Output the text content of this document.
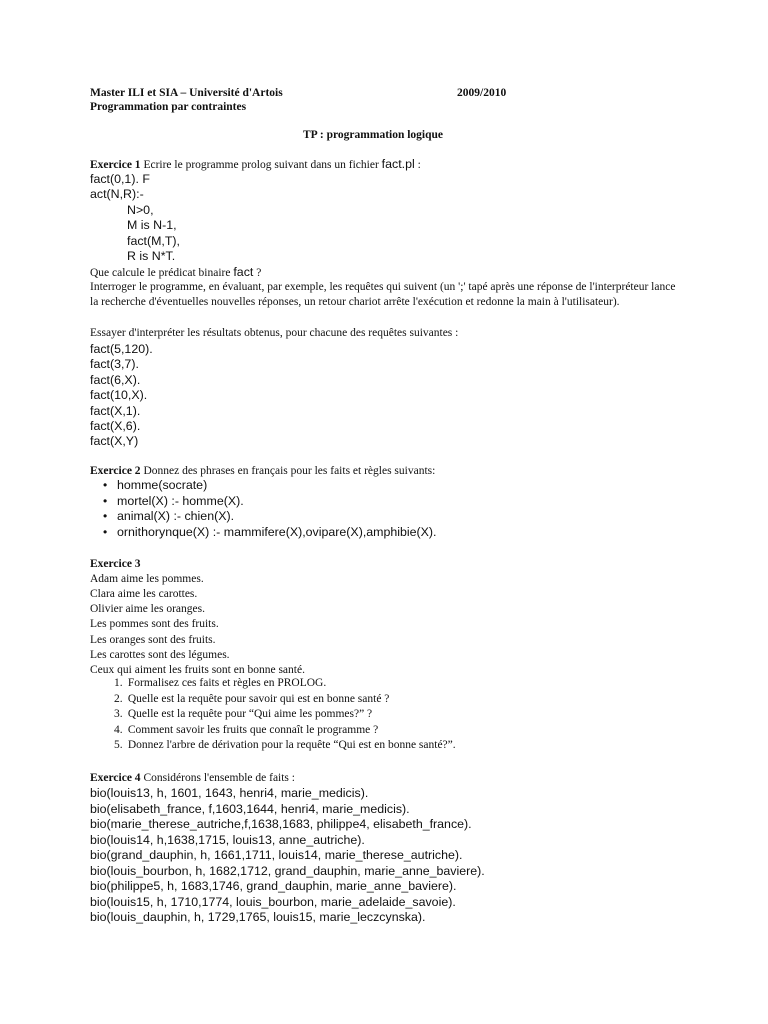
Master ILI et SIA – Université d'Artois	2009/2010
Programmation par contraintes
TP : programmation logique
Exercice 1 Ecrire le programme prolog suivant dans un fichier fact.pl :
fact(0,1). F
act(N,R):-
N>0,
M is N-1,
fact(M,T),
R is N*T.
Que calcule le prédicat binaire fact ?
Interroger le programme, en évaluant, par exemple, les requêtes qui suivent (un ';' tapé après une réponse de l'interpréteur lance la recherche d'éventuelles nouvelles réponses, un retour chariot arrête l'exécution et redonne la main à l'utilisateur).
Essayer d'interpréter les résultats obtenus, pour chacune des requêtes suivantes :
fact(5,120).
fact(3,7).
fact(6,X).
fact(10,X).
fact(X,1).
fact(X,6).
fact(X,Y)
Exercice 2 Donnez des phrases en français pour les faits et règles suivants:
• homme(socrate)
• mortel(X) :- homme(X).
• animal(X) :- chien(X).
• ornithorynque(X) :- mammifere(X),ovipare(X),amphibie(X).
Exercice 3
Adam aime les pommes.
Clara aime les carottes.
Olivier aime les oranges.
Les pommes sont des fruits.
Les oranges sont des fruits.
Les carottes sont des légumes.
Ceux qui aiment les fruits sont en bonne santé.
1. Formalisez ces faits et règles en PROLOG.
2. Quelle est la requête pour savoir qui est en bonne santé ?
3. Quelle est la requête pour “Qui aime les pommes?” ?
4. Comment savoir les fruits que connaît le programme ?
5. Donnez l'arbre de dérivation pour la requête “Qui est en bonne santé?”.
Exercice 4 Considérons l'ensemble de faits :
bio(louis13, h, 1601, 1643, henri4, marie_medicis).
bio(elisabeth_france, f,1603,1644, henri4, marie_medicis).
bio(marie_therese_autriche,f,1638,1683, philippe4, elisabeth_france).
bio(louis14, h,1638,1715, louis13, anne_autriche).
bio(grand_dauphin, h, 1661,1711, louis14, marie_therese_autriche).
bio(louis_bourbon, h, 1682,1712, grand_dauphin, marie_anne_baviere).
bio(philippe5, h, 1683,1746, grand_dauphin, marie_anne_baviere).
bio(louis15, h, 1710,1774, louis_bourbon, marie_adelaide_savoie).
bio(louis_dauphin, h, 1729,1765, louis15, marie_leczcynska).
